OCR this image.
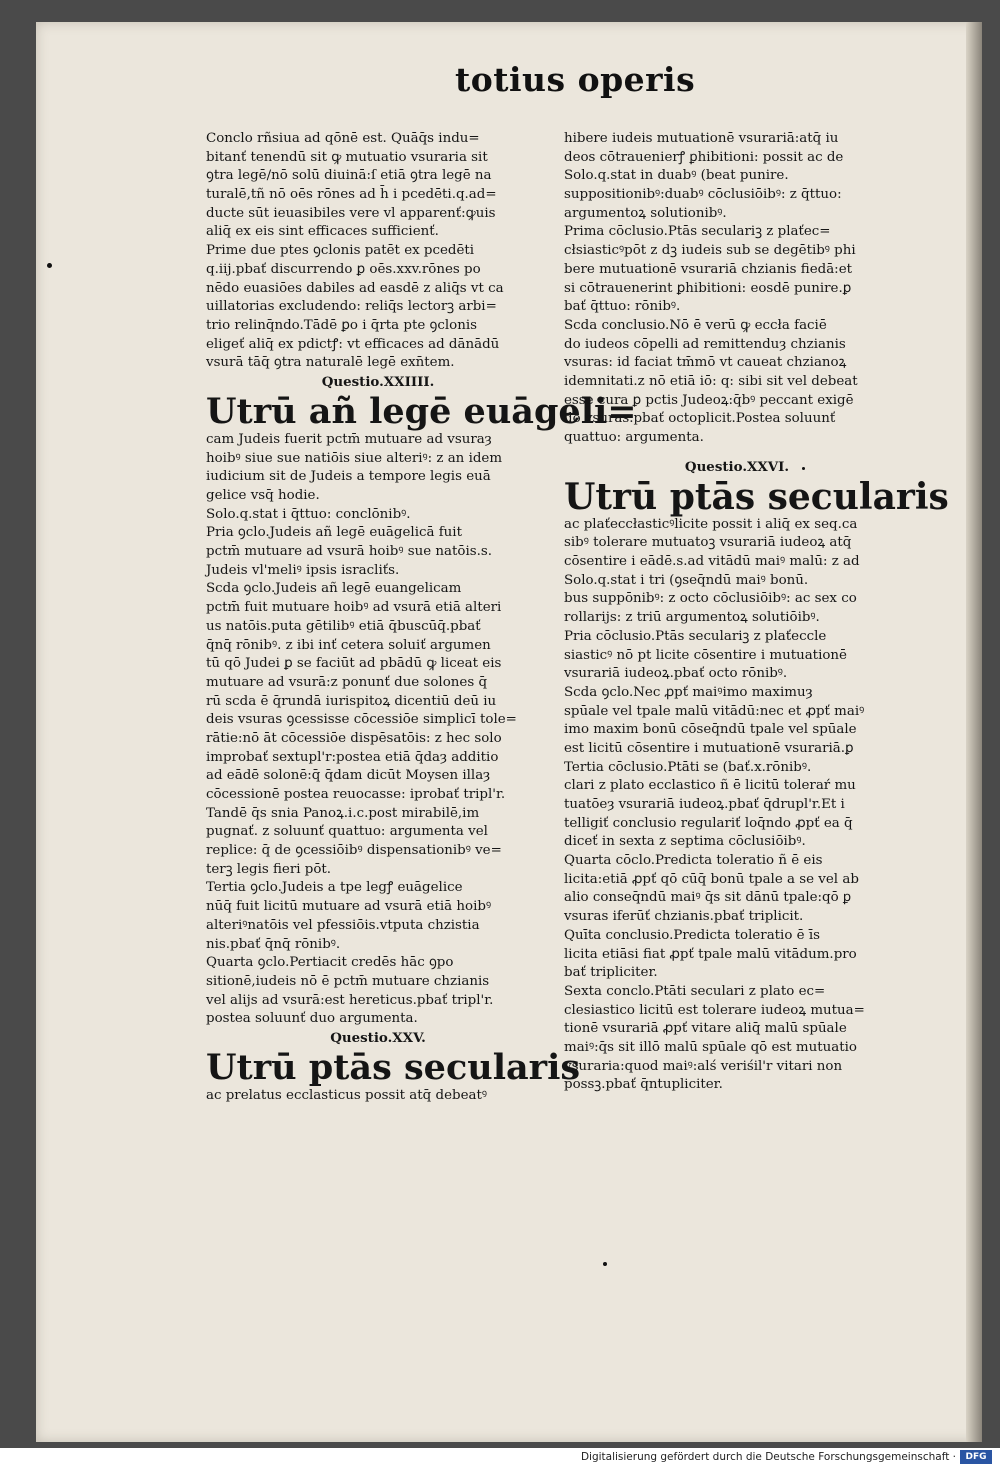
totius operis
Conclo rñsiua ad qōnē est. Quāq̄s indu=
bitanť tenendū sit ꝙ mutuatio vsuraria sit
ꝯtra legē/nō solū diuinā:ſ etiā ꝯtra legē na
turalē,tñ nō oēs rōnes ad h̄ i pcedēti.q.ad=
ducte sūt ieuasibiles vere vl apparenť:ꝙuis
aliq̄ ex eis sint efficaces sufficienť.
Prime due ptes ꝯclonis patēt ex pcedēti
q.iij.pbať discurrendo ꝑ oēs.xxv.rōnes po
nēdo euasiōes dabiles ad easdē z aliq̄s vt ca
uillatorias excludendo: reliq̄s lectorꝫ arbi=
trio relinq̄ndo.Tādē ꝑo i q̄rta pte ꝯclonis
eligeť aliq̄ ex pdictꝭ: vt efficaces ad dānādū
vsurā tāq̄ ꝯtra naturalē legē exn̄tem.
Questio.XXIIII.
Utrū añ legē euāgeli=
cam Judeis fuerit pctm̄ mutuare ad vsuraȝ
hoibꝰ siue sue natiōis siue alteriꝰ: z an idem
iudicium sit de Judeis a tempore legis euā
gelice vsq̄ hodie.
Solo.q.stat i q̄ttuo: conclōnibꝰ.
Pria ꝯclo.Judeis añ legē euāgelicā fuit
pctm̄ mutuare ad vsurā hoibꝰ sue natōis.s.
Judeis vl'meliꝰ ipsis isracliťs.
Scda ꝯclo.Judeis añ legē euangelicam
pctm̄ fuit mutuare hoibꝰ ad vsurā etiā alteri
us natōis.puta gētilibꝰ etiā q̄buscūq̄.pbať
q̄nq̄ rōnibꝰ. z ibi inť cetera soluiť argumen
tū qō Judei ꝑ se faciūt ad pbādū ꝙ liceat eis
mutuare ad vsurā:z ponunť due solones q̄
rū scda ē q̄rundā iurispitoꝝ dicentiū deū iu
deis vsuras ꝯcessisse cōcessiōe simplicī tole=
rātie:nō āt cōcessiōe dispēsatōis: z hec solo
improbať sextupl'r:postea etiā q̄daȝ additio
ad eādē solonē:q̄ q̄dam dicūt Moysen illaȝ
cōcessionē postea reuocasse: iprobať tripl'r.
Tandē q̄s snia Panoꝝ.i.c.post mirabilē,im
pugnať. z soluunť quattuo: argumenta vel
replice: q̄ de ꝯcessiōibꝰ dispensationibꝰ ve=
terꝫ legis fieri pōt.
Tertia ꝯclo.Judeis a tpe legꝭ euāgelice
nūq̄ fuit licitū mutuare ad vsurā etiā hoibꝰ
alteriꝰnatōis vel pfessiōis.vtputa chzistia
nis.pbať q̄nq̄ rōnibꝰ.
Quarta ꝯclo.Pertiacit credēs hāc ꝯpo
sitionē,iudeis nō ē pctm̄ mutuare chzianis
vel alijs ad vsurā:est hereticus.pbať tripl'r.
postea soluunť duo argumenta.
Questio.XXV.
Utrū ptās secularis
ac prelatus ecclasticus possit atq̄ debeatꝰ
hibere iudeis mutuationē vsurariā:atq̄ iu
deos cōtrauenierꝭ ꝑhibitioni: possit ac de
Solo.q.stat in duabꝰ (beat punire.
suppositionibꝰ:duabꝰ cōclusiōibꝰ: z q̄ttuo:
argumentoꝝ solutionibꝰ.
Prima cōclusio.Ptās seculariꝫ z plaťec=
cłsiasticꝰpōt z dꝫ iudeis sub se degētibꝰ phi
bere mutuationē vsurariā chzianis fiedā:et
si cōtrauenerint ꝑhibitioni: eosdē punire.ꝑ
bať q̄ttuo: rōnibꝰ.
Scda conclusio.Nō ē verū ꝙ eccła faciē
do iudeos cōpelli ad remittenduȝ chzianis
vsuras: id faciat tm̄mō vt caueat chzianoꝝ
idemnitati.z nō etiā iō: q: sibi sit vel debeat
esse cura ꝑ pctis Judeoꝝ:q̄bꝰ peccant exigē
do vsuras.pbať octoplicit.Postea soluunť
quattuo: argumenta.
Questio.XXVI.
Utrū ptās secularis
ac plaťeccłasticꝰlicite possit i aliq̄ ex seq.ca
sibꝰ tolerare mutuatoꝫ vsurariā iudeoꝝ atq̄
cōsentire i eādē.s.ad vitādū maiꝰ malū: z ad
Solo.q.stat i tri (ꝯseq̄ndū maiꝰ bonū.
bus suppōnibꝰ: z octo cōclusiōibꝰ: ac sex co
rollarijs: z triū argumentoꝝ solutiōibꝰ.
Pria cōclusio.Ptās seculariꝫ z plaťeccle
siasticꝰ nō pt licite cōsentire i mutuationē
vsurariā iudeoꝝ.pbať octo rōnibꝰ.
Scda ꝯclo.Nec ꝓpť maiꝰimo maximuȝ
spūale vel tpale malū vitādū:nec et ꝓpť maiꝰ
imo maxim bonū cōseq̄ndū tpale vel spūale
est licitū cōsentire i mutuationē vsurariā.ꝑ
Tertia cōclusio.Ptāti se (bať.x.rōnibꝰ.
clari z plato ecclastico ñ ē licitū toleraŕ mu
tuatōeȝ vsurariā iudeoꝝ.pbať q̄drupl'r.Et i
telligiť conclusio regulariť loq̄ndo ꝓpť ea q̄
diceť in sexta z septima cōclusiōibꝰ.
Quarta cōclo.Predicta toleratio ñ ē eis
licita:etiā ꝓpť qō cūq̄ bonū tpale a se vel ab
alio conseq̄ndū maiꝰ q̄s sit dānū tpale:qō ꝑ
vsuras iferūť chzianis.pbať triplicit.
Quīta conclusio.Predicta toleratio ē īs
licita etiāsi fiat ꝓpť tpale malū vitādum.pro
bať tripliciter.
Sexta conclo.Ptāti seculari z plato ec=
clesiastico licitū est tolerare iudeoꝝ mutua=
tionē vsurariā ꝓpť vitare aliq̄ malū spūale
maiꝰ:q̄s sit illō malū spūale qō est mutuatio
vsuraria:quod maiꝰ:alś veriśil'r vitari non
possꝫ.pbať q̄ntupliciter.
Digitalisierung gefördert durch die Deutsche Forschungsgemeinschaft ·	DFG
